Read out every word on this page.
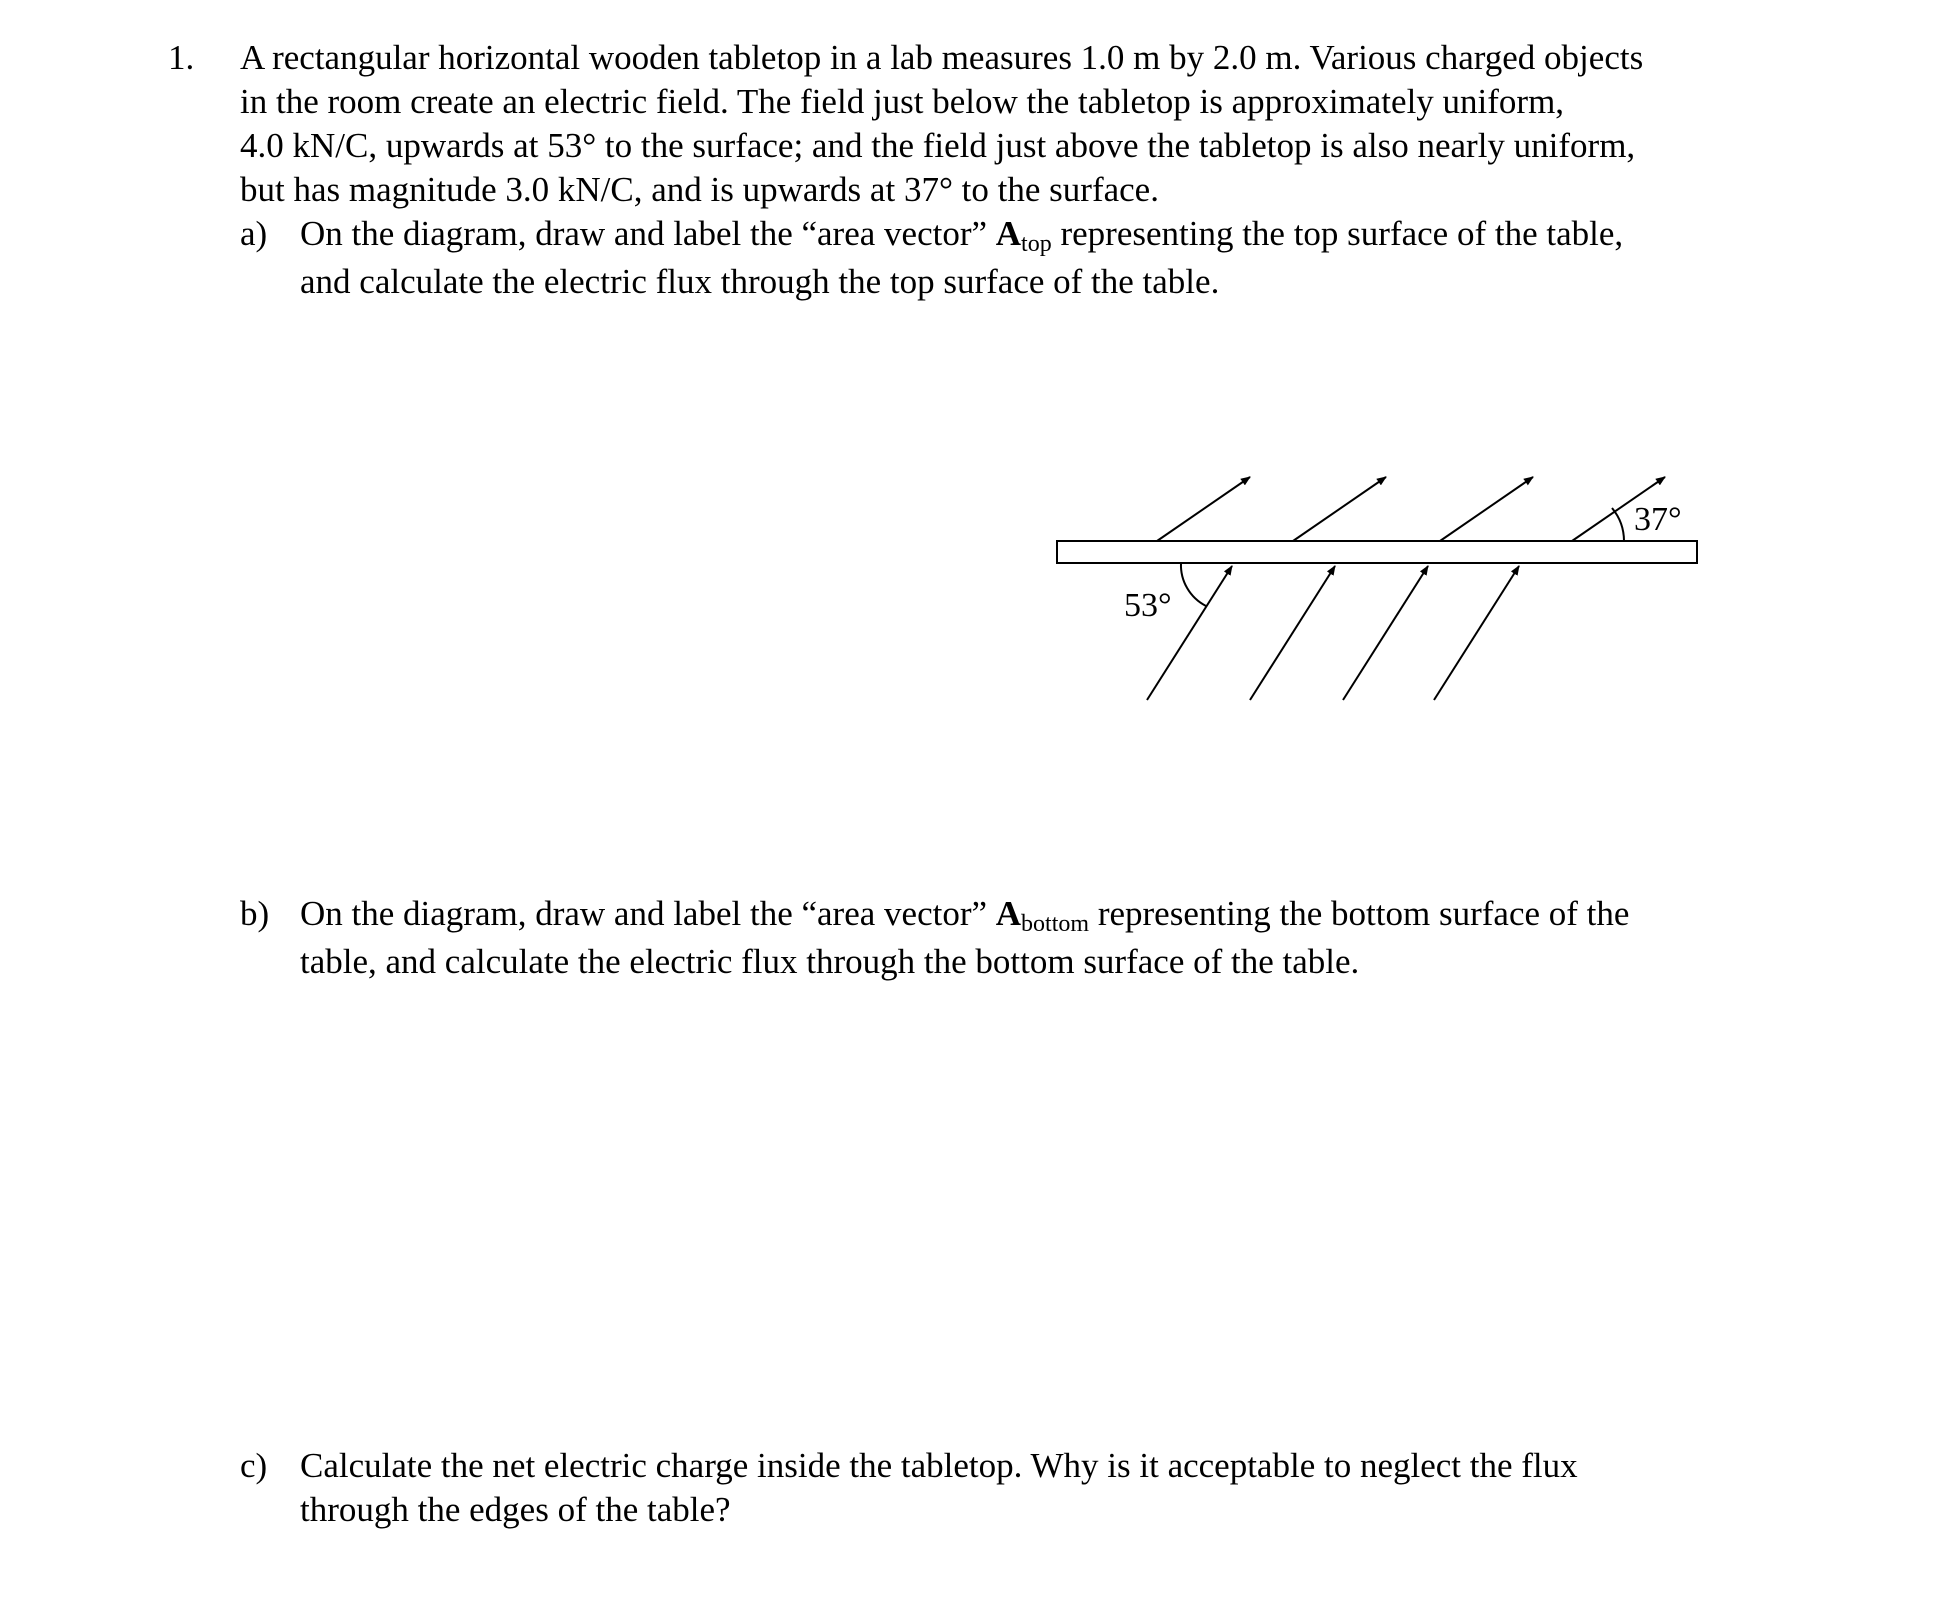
1. A rectangular horizontal wooden tabletop in a lab measures 1.0 m by 2.0 m. Various charged objects
in the room create an electric field. The field just below the tabletop is approximately uniform,
4.0 kN/C, upwards at 53° to the surface; and the field just above the tabletop is also nearly uniform,
but has magnitude 3.0 kN/C, and is upwards at 37° to the surface.
a) On the diagram, draw and label the “area vector” $A_{top}$ representing the top surface of the table,
and calculate the electric flux through the top surface of the table.
37°
53°
b) On the diagram, draw and label the “area vector” $A_{bottom}$ representing the bottom surface of the
table, and calculate the electric flux through the bottom surface of the table.
c) Calculate the net electric charge inside the tabletop. Why is it acceptable to neglect the flux
through the edges of the table?
